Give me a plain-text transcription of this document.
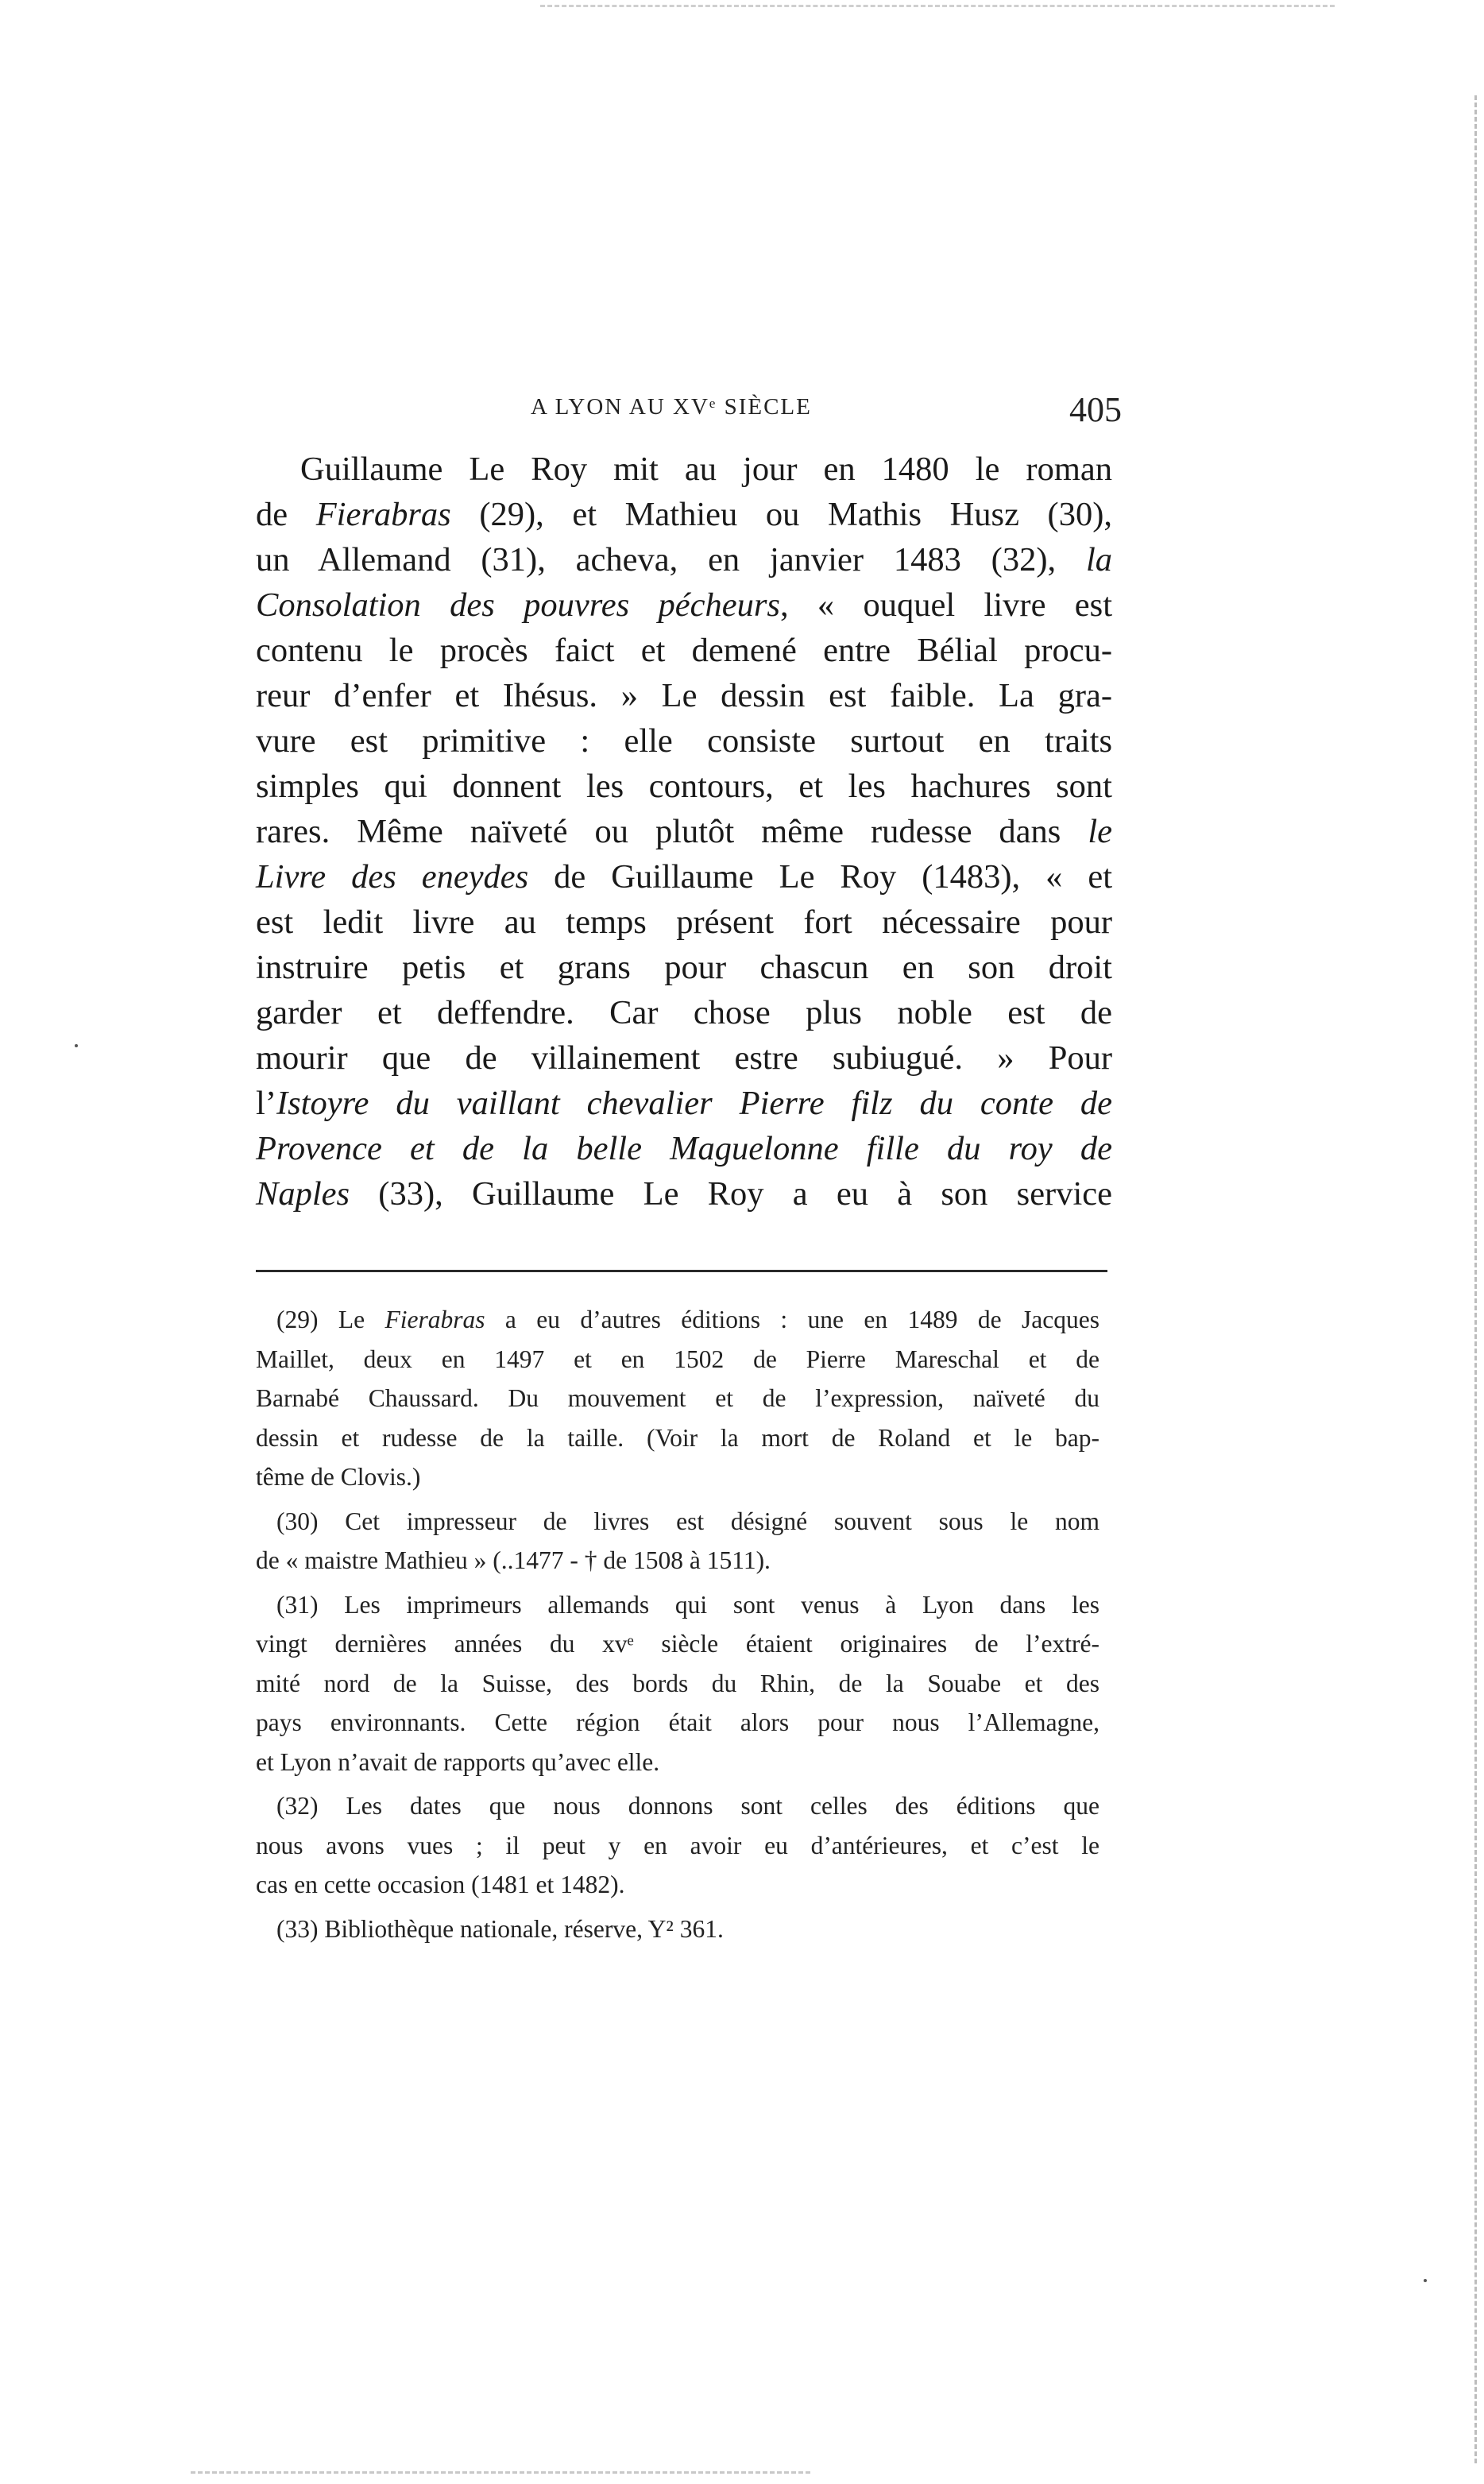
A LYON AU XVᵉ SIÈCLE	405
Guillaume Le Roy mit au jour en 1480 le roman
de Fierabras (29), et Mathieu ou Mathis Husz (30),
un Allemand (31), acheva, en janvier 1483 (32), la
Consolation des pouvres pécheurs, « ouquel livre est
contenu le procès faict et demené entre Bélial procu-
reur d’enfer et Ihésus. » Le dessin est faible. La gra-
vure est primitive : elle consiste surtout en traits
simples qui donnent les contours, et les hachures sont
rares. Même naïveté ou plutôt même rudesse dans le
Livre des eneydes de Guillaume Le Roy (1483), « et
est ledit livre au temps présent fort nécessaire pour
instruire petis et grans pour chascun en son droit
garder et deffendre. Car chose plus noble est de
mourir que de villainement estre subiugué. » Pour
l’Istoyre du vaillant chevalier Pierre filz du conte de
Provence et de la belle Maguelonne fille du roy de
Naples (33), Guillaume Le Roy a eu à son service
(29) Le Fierabras a eu d’autres éditions : une en 1489 de Jacques
Maillet, deux en 1497 et en 1502 de Pierre Mareschal et de
Barnabé Chaussard. Du mouvement et de l’expression, naïveté du
dessin et rudesse de la taille. (Voir la mort de Roland et le bap-
tême de Clovis.)
(30) Cet impresseur de livres est désigné souvent sous le nom
de « maistre Mathieu » (..1477 - † de 1508 à 1511).
(31) Les imprimeurs allemands qui sont venus à Lyon dans les
vingt dernières années du xvᵉ siècle étaient originaires de l’extré-
mité nord de la Suisse, des bords du Rhin, de la Souabe et des
pays environnants. Cette région était alors pour nous l’Allemagne,
et Lyon n’avait de rapports qu’avec elle.
(32) Les dates que nous donnons sont celles des éditions que
nous avons vues ; il peut y en avoir eu d’antérieures, et c’est le
cas en cette occasion (1481 et 1482).
(33) Bibliothèque nationale, réserve, Y² 361.
